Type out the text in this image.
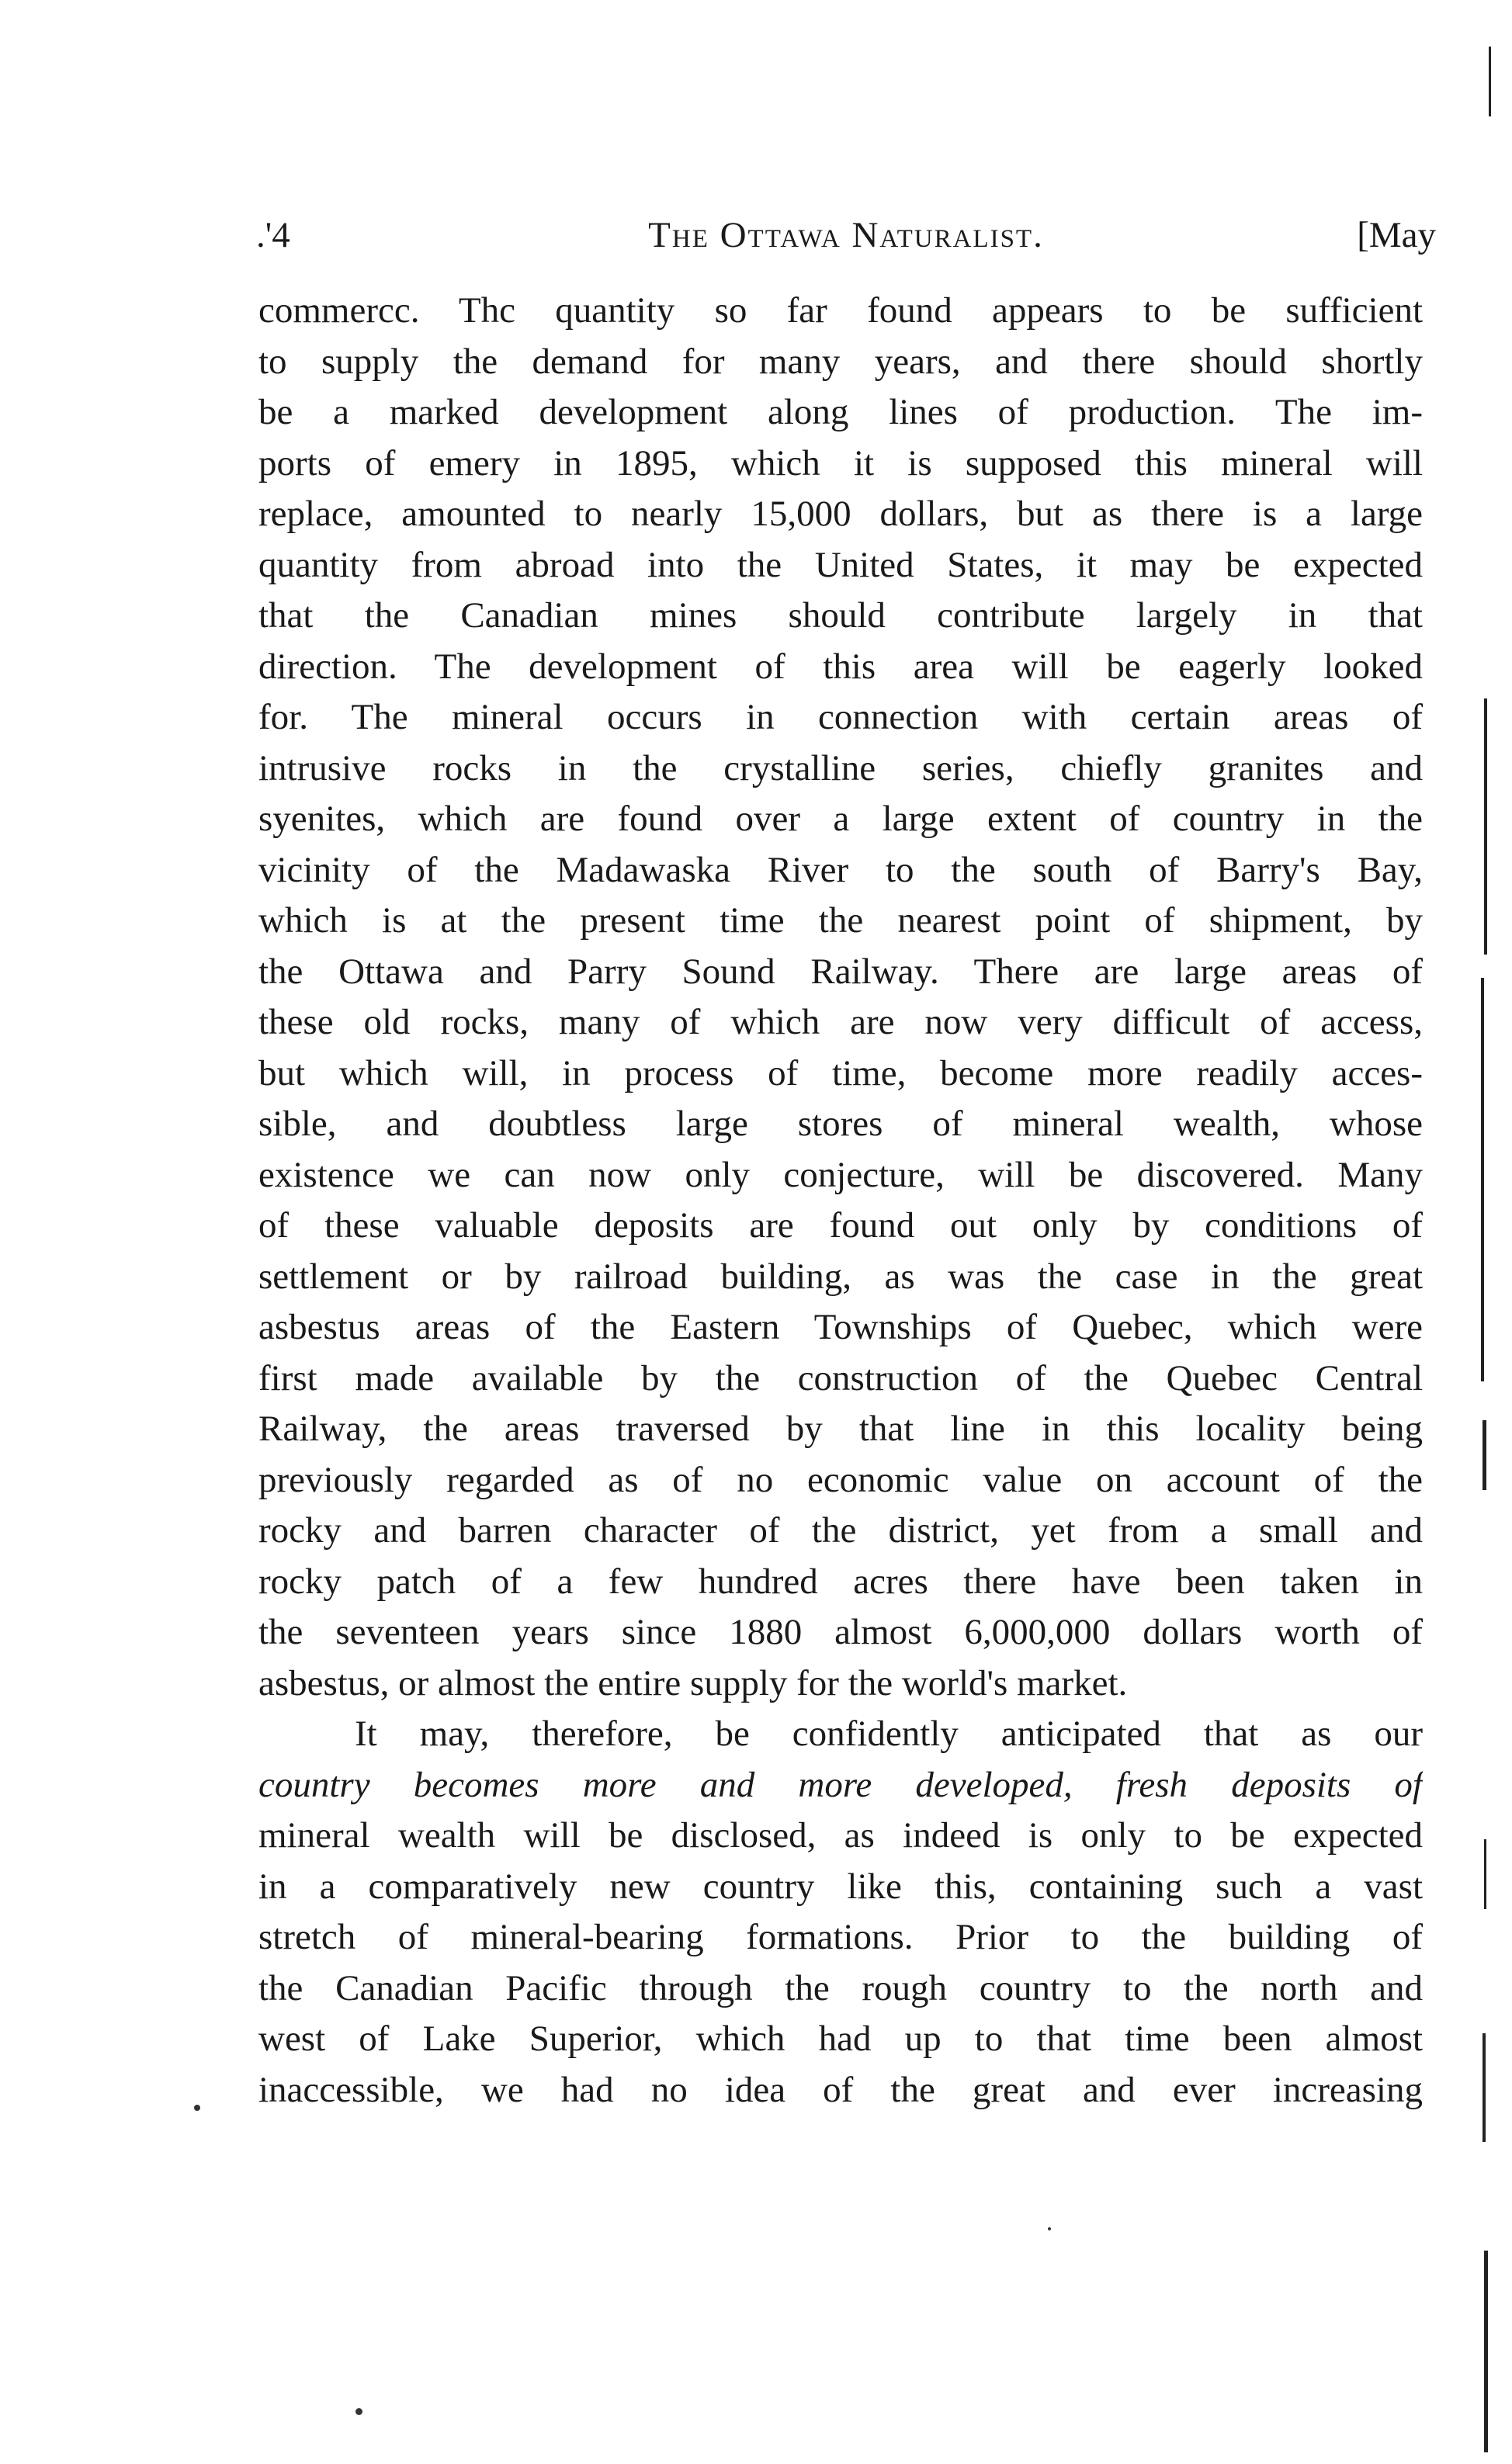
.'4	The Ottawa Naturalist.	[May
commercc. Thc quantity so far found appears to be sufficient
to supply the demand for many years, and there should shortly
be a marked development along lines of production. The im-
ports of emery in 1895, which it is supposed this mineral will
replace, amounted to nearly 15,000 dollars, but as there is a large
quantity from abroad into the United States, it may be expected
that the Canadian mines should contribute largely in that
direction. The development of this area will be eagerly looked
for. The mineral occurs in connection with certain areas of
intrusive rocks in the crystalline series, chiefly granites and
syenites, which are found over a large extent of country in the
vicinity of the Madawaska River to the south of Barry's Bay,
which is at the present time the nearest point of shipment, by
the Ottawa and Parry Sound Railway. There are large areas of
these old rocks, many of which are now very difficult of access,
but which will, in process of time, become more readily acces-
sible, and doubtless large stores of mineral wealth, whose
existence we can now only conjecture, will be discovered. Many
of these valuable deposits are found out only by conditions of
settlement or by railroad building, as was the case in the great
asbestus areas of the Eastern Townships of Quebec, which were
first made available by the construction of the Quebec Central
Railway, the areas traversed by that line in this locality being
previously regarded as of no economic value on account of the
rocky and barren character of the district, yet from a small and
rocky patch of a few hundred acres there have been taken in
the seventeen years since 1880 almost 6,000,000 dollars worth of
asbestus, or almost the entire supply for the world's market.
It may, therefore, be confidently anticipated that as our
country becomes more and more developed, fresh deposits of
mineral wealth will be disclosed, as indeed is only to be expected
in a comparatively new country like this, containing such a vast
stretch of mineral-bearing formations. Prior to the building of
the Canadian Pacific through the rough country to the north and
west of Lake Superior, which had up to that time been almost
inaccessible, we had no idea of the great and ever increasing
